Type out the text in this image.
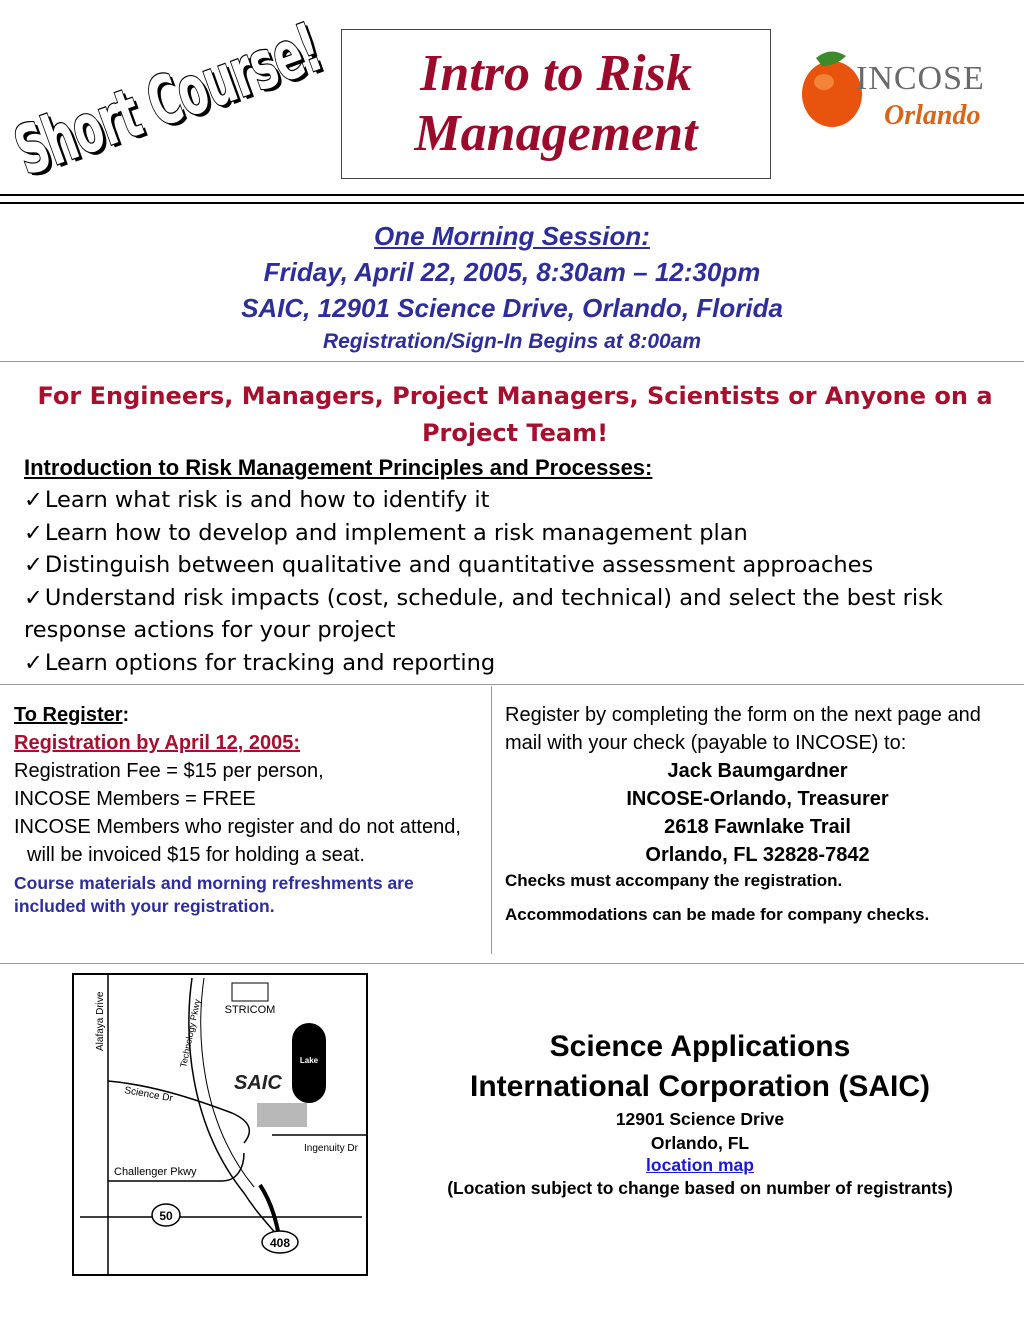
Short Course! Intro to Risk
Management
INCOSE
Orlando
One Morning Session:
Friday, April 22, 2005, 8:30am – 12:30pm
SAIC, 12901 Science Drive, Orlando, Florida
Registration/Sign-In Begins at 8:00am
For Engineers, Managers, Project Managers, Scientists or Anyone on a Project Team!
Introduction to Risk Management Principles and Processes:
✓Learn what risk is and how to identify it
✓Learn how to develop and implement a risk management plan
✓Distinguish between qualitative and quantitative assessment approaches
✓Understand risk impacts (cost, schedule, and technical) and select the best risk response actions for your project
✓Learn options for tracking and reporting
To Register:
Registration by April 12, 2005:
Registration Fee = $15 per person,
INCOSE Members = FREE
INCOSE Members who register and do not attend, will be invoiced $15 for holding a seat.
Course materials and morning refreshments are included with your registration.
Register by completing the form on the next page and mail with your check (payable to INCOSE) to:
Jack Baumgardner
INCOSE-Orlando, Treasurer
2618 Fawnlake Trail
Orlando, FL 32828-7842
Checks must accompany the registration.
Accommodations can be made for company checks.
Alafaya Drive	Technology Pkwy STRICOM
Lake
SAIC
Science Dr
Ingenuity Dr
Challenger Pkwy
50
408
Science Applications
International Corporation (SAIC)
12901 Science Drive
Orlando, FL
location map
(Location subject to change based on number of registrants)
